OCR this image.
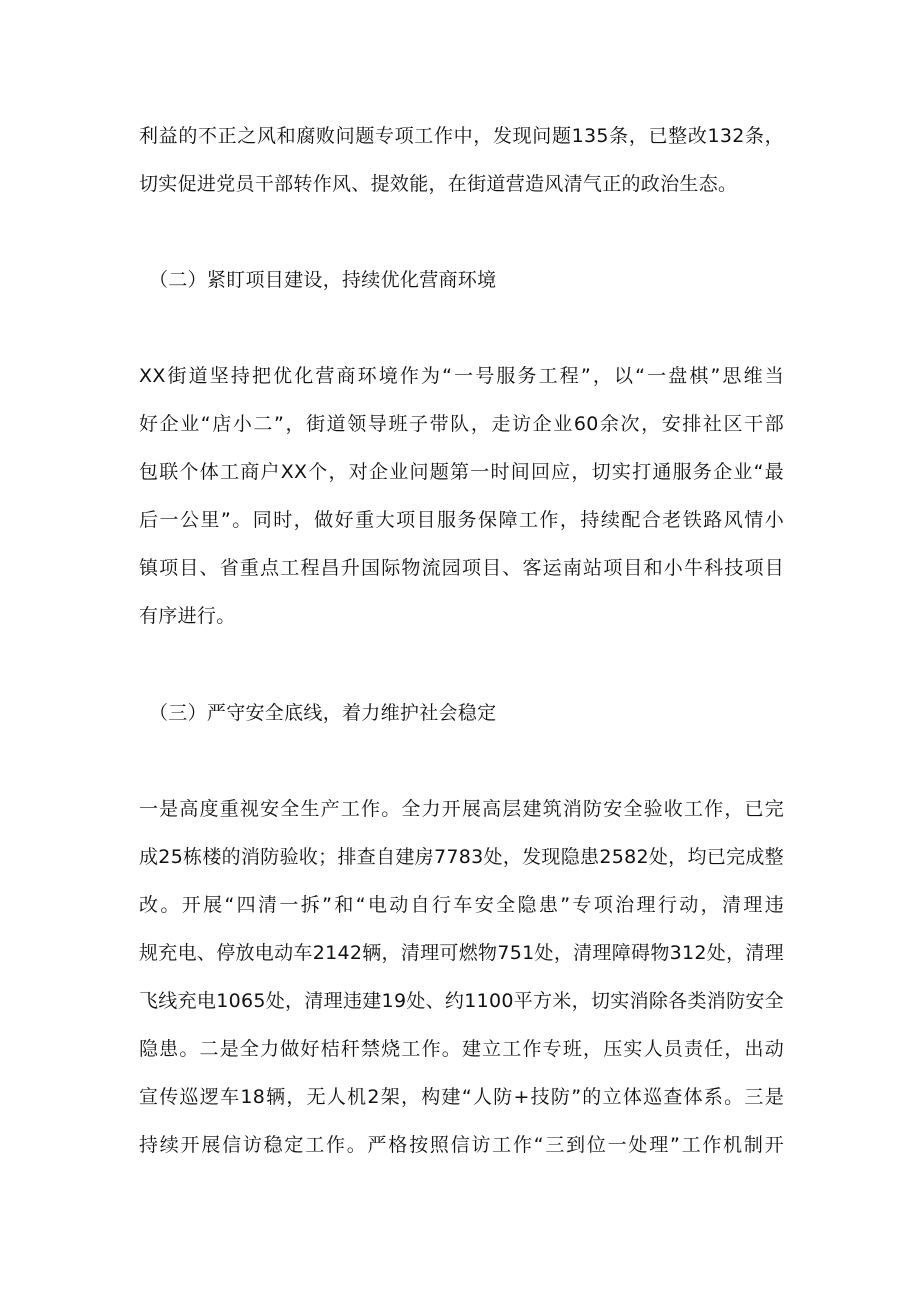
利益的不正之风和腐败问题专项工作中，发现问题135条，已整改132条，
切实促进党员干部转作风、提效能，在街道营造风清气正的政治生态。
（二）紧盯项目建设，持续优化营商环境
XX街道坚持把优化营商环境作为“一号服务工程”，以“一盘棋”思维当
好企业“店小二”，街道领导班子带队，走访企业60余次，安排社区干部
包联个体工商户XX个，对企业问题第一时间回应，切实打通服务企业“最
后一公里”。同时，做好重大项目服务保障工作，持续配合老铁路风情小
镇项目、省重点工程昌升国际物流园项目、客运南站项目和小牛科技项目
有序进行。
（三）严守安全底线，着力维护社会稳定
一是高度重视安全生产工作。全力开展高层建筑消防安全验收工作，已完
成25栋楼的消防验收；排查自建房7783处，发现隐患2582处，均已完成整
改。开展“四清一拆”和“电动自行车安全隐患”专项治理行动，清理违
规充电、停放电动车2142辆，清理可燃物751处，清理障碍物312处，清理
飞线充电1065处，清理违建19处、约1100平方米，切实消除各类消防安全
隐患。二是全力做好桔秆禁烧工作。建立工作专班，压实人员责任，出动
宣传巡逻车18辆，无人机2架，构建“人防+技防”的立体巡查体系。三是
持续开展信访稳定工作。严格按照信访工作“三到位一处理”工作机制开
